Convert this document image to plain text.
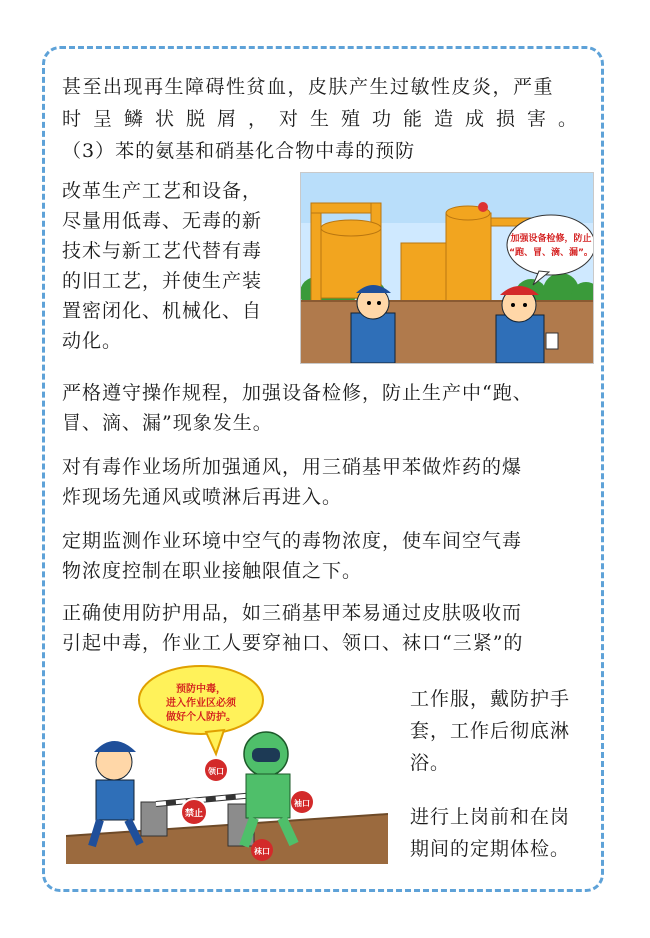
甚至出现再生障碍性贫血，皮肤产生过敏性皮炎，严重

时呈鳞状脱屑，对生殖功能造成损害。

（3）苯的氨基和硝基化合物中毒的预防

改革生产工艺和设备，

尽量用低毒、无毒的新

技术与新工艺代替有毒

的旧工艺，并使生产装

置密闭化、机械化、自

动化。

加强设备检修，防止
“跑、冒、滴、漏”。

严格遵守操作规程，加强设备检修，防止生产中“跑、

冒、滴、漏”现象发生。

对有毒作业场所加强通风，用三硝基甲苯做炸药的爆

炸现场先通风或喷淋后再进入。

定期监测作业环境中空气的毒物浓度，使车间空气毒

物浓度控制在职业接触限值之下。

正确使用防护用品，如三硝基甲苯易通过皮肤吸收而

引起中毒，作业工人要穿袖口、领口、袜口“三紧”的

工作服，戴防护手

套，工作后彻底淋

浴。

进行上岗前和在岗

期间的定期体检。

预防中毒，
进入作业区必须
做好个人防护。
禁止
领口
袖口
袜口
